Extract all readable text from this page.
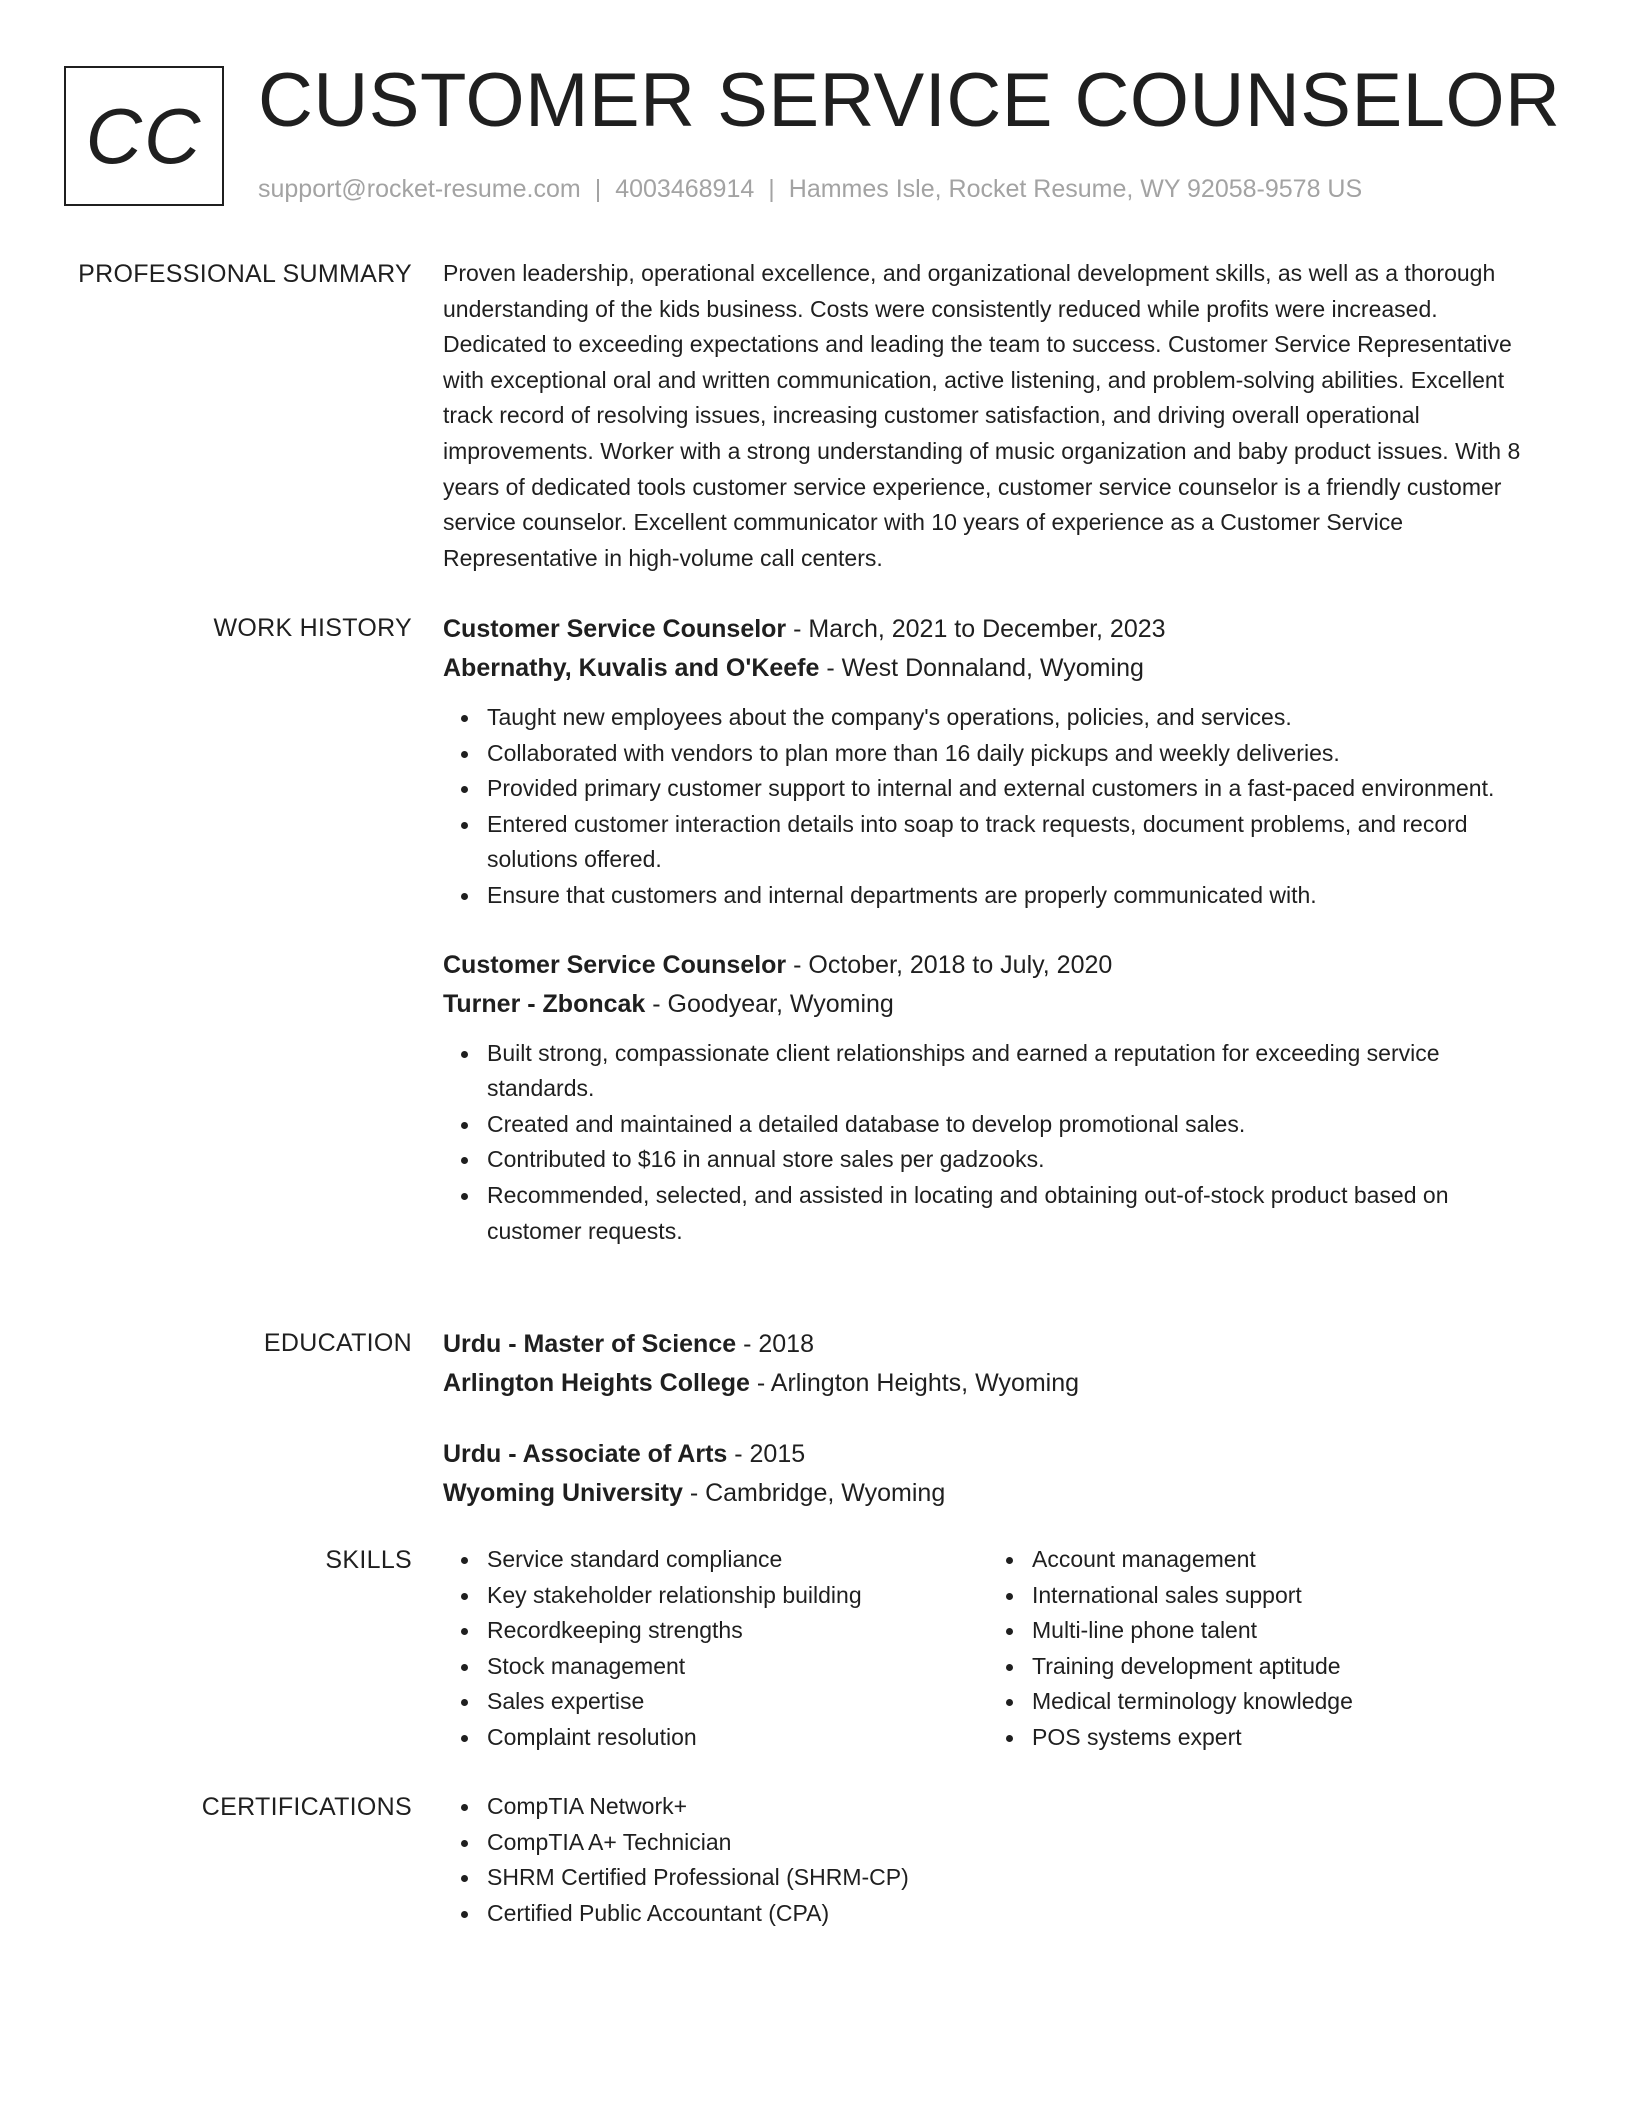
CC CUSTOMER SERVICE COUNSELOR
support@rocket-resume.com | 4003468914 | Hammes Isle, Rocket Resume, WY 92058-9578 US
PROFESSIONAL SUMMARY Proven leadership, operational excellence, and organizational development skills, as well as a thorough understanding of the kids business. Costs were consistently reduced while profits were increased. Dedicated to exceeding expectations and leading the team to success. Customer Service Representative with exceptional oral and written communication, active listening, and problem-solving abilities. Excellent track record of resolving issues, increasing customer satisfaction, and driving overall operational improvements. Worker with a strong understanding of music organization and baby product issues. With 8 years of dedicated tools customer service experience, customer service counselor is a friendly customer service counselor. Excellent communicator with 10 years of experience as a Customer Service Representative in high-volume call centers.

WORK HISTORY Customer Service Counselor - March, 2021 to December, 2023

Abernathy, Kuvalis and O'Keefe - West Donnaland, Wyoming

Taught new employees about the company's operations, policies, and services.
Collaborated with vendors to plan more than 16 daily pickups and weekly deliveries.
Provided primary customer support to internal and external customers in a fast-paced environment.
Entered customer interaction details into soap to track requests, document problems, and record solutions offered.
Ensure that customers and internal departments are properly communicated with.

Customer Service Counselor - October, 2018 to July, 2020

Turner - Zboncak - Goodyear, Wyoming

Built strong, compassionate client relationships and earned a reputation for exceeding service standards.
Created and maintained a detailed database to develop promotional sales.
Contributed to $16 in annual store sales per gadzooks.
Recommended, selected, and assisted in locating and obtaining out-of-stock product based on customer requests.
EDUCATION Urdu - Master of Science - 2018

Arlington Heights College - Arlington Heights, Wyoming

Urdu - Associate of Arts - 2015

Wyoming University - Cambridge, Wyoming

SKILLS	Service standard compliance
Key stakeholder relationship building
Recordkeeping strengths
Stock management
Sales expertise
Complaint resolution
Account management
International sales support
Multi-line phone talent
Training development aptitude
Medical terminology knowledge
POS systems expert
CERTIFICATIONS	CompTIA Network+
CompTIA A+ Technician
SHRM Certified Professional (SHRM-CP)
Certified Public Accountant (CPA)
